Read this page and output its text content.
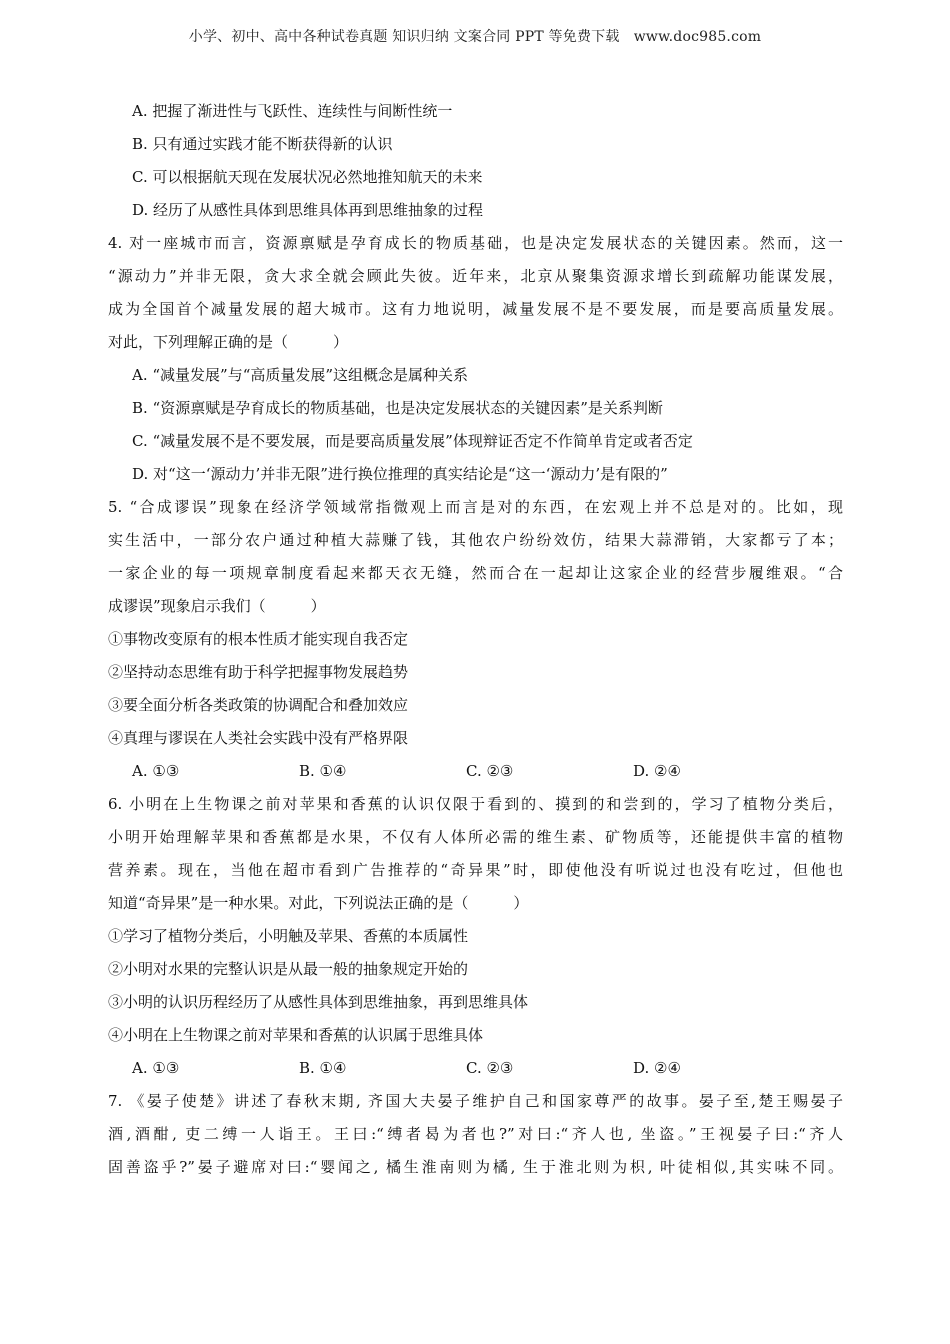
小学、初中、高中各种试卷真题 知识归纳 文案合同 PPT 等免费下载　www.doc985.com
A. 把握了渐进性与飞跃性、连续性与间断性统一
B. 只有通过实践才能不断获得新的认识
C. 可以根据航天现在发展状况必然地推知航天的未来
D. 经历了从感性具体到思维具体再到思维抽象的过程
4. 对一座城市而言，资源禀赋是孕育成长的物质基础，也是决定发展状态的关键因素。然而，这一
“源动力”并非无限，贪大求全就会顾此失彼。近年来，北京从聚集资源求增长到疏解功能谋发展，
成为全国首个减量发展的超大城市。这有力地说明，减量发展不是不要发展，而是要高质量发展。
对此，下列理解正确的是（　　　）
A. “减量发展”与“高质量发展”这组概念是属种关系
B. “资源禀赋是孕育成长的物质基础，也是决定发展状态的关键因素”是关系判断
C. “减量发展不是不要发展，而是要高质量发展”体现辩证否定不作简单肯定或者否定
D. 对“这一‘源动力’并非无限”进行换位推理的真实结论是“这一‘源动力’是有限的”
5. “合成谬误”现象在经济学领域常指微观上而言是对的东西，在宏观上并不总是对的。比如，现
实生活中，一部分农户通过种植大蒜赚了钱，其他农户纷纷效仿，结果大蒜滞销，大家都亏了本；
一家企业的每一项规章制度看起来都天衣无缝，然而合在一起却让这家企业的经营步履维艰。“合
成谬误”现象启示我们（　　　）
①事物改变原有的根本性质才能实现自我否定
②坚持动态思维有助于科学把握事物发展趋势
③要全面分析各类政策的协调配合和叠加效应
④真理与谬误在人类社会实践中没有严格界限
A. ①③	B. ①④	C. ②③	D. ②④
6. 小明在上生物课之前对苹果和香蕉的认识仅限于看到的、摸到的和尝到的，学习了植物分类后，
小明开始理解苹果和香蕉都是水果，不仅有人体所必需的维生素、矿物质等，还能提供丰富的植物
营养素。现在，当他在超市看到广告推荐的“奇异果”时，即使他没有听说过也没有吃过，但他也
知道“奇异果”是一种水果。对此，下列说法正确的是（　　　）
①学习了植物分类后，小明触及苹果、香蕉的本质属性
②小明对水果的完整认识是从最一般的抽象规定开始的
③小明的认识历程经历了从感性具体到思维抽象，再到思维具体
④小明在上生物课之前对苹果和香蕉的认识属于思维具体
A. ①③	B. ①④	C. ②③	D. ②④
7. 《晏子使楚》讲述了春秋末期, 齐国大夫晏子维护自己和国家尊严的故事。晏子至,楚王赐晏子
酒,酒酣, 吏二缚一人诣王。王曰:“缚者曷为者也?”对曰:“齐人也, 坐盗。”王视晏子曰:“齐人
固善盗乎?”晏子避席对曰:“婴闻之, 橘生淮南则为橘, 生于淮北则为枳, 叶徒相似,其实味不同。
